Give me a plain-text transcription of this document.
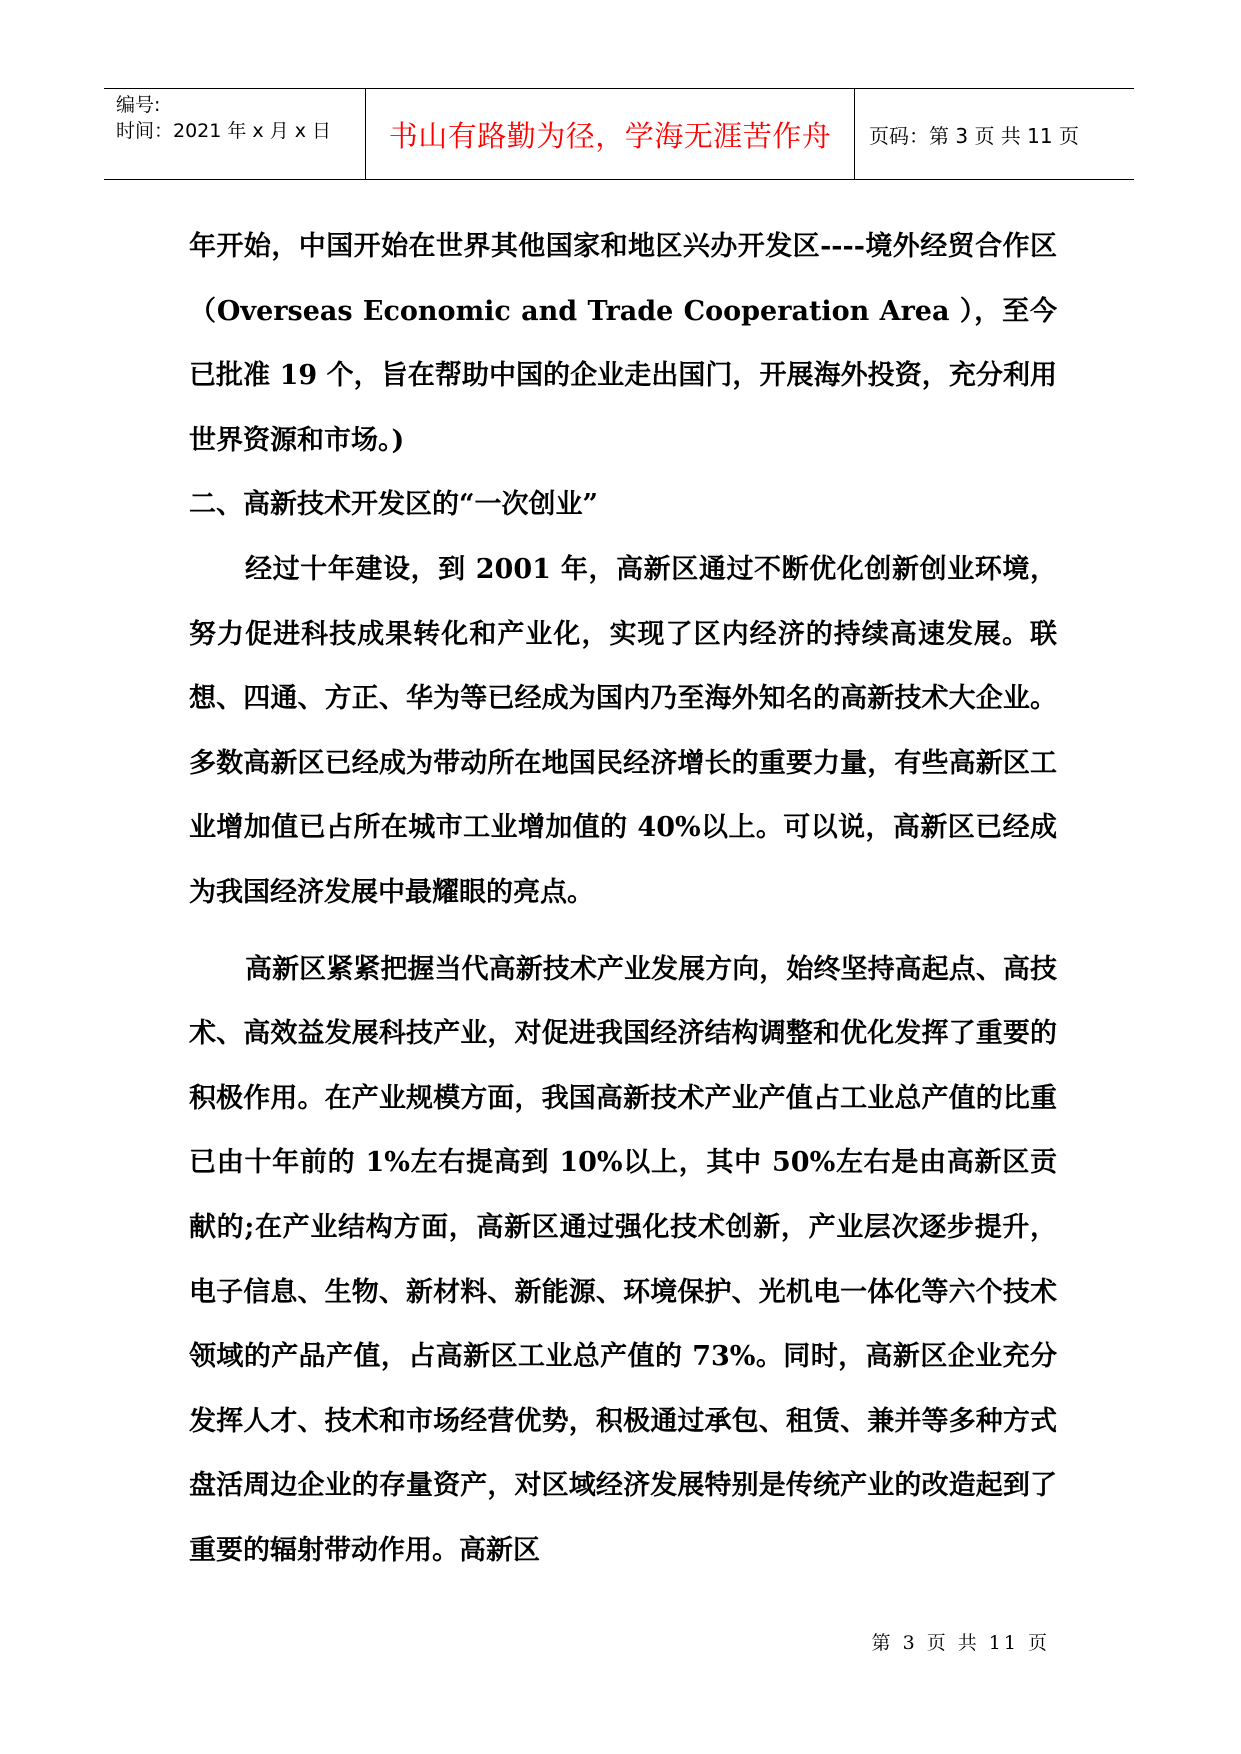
编号:
时间：2021 年 x 月 x 日	书山有路勤为径，学海无涯苦作舟	页码：第 3 页 共 11 页

年开始，中国开始在世界其他国家和地区兴办开发区----境外经贸合作区（Overseas Economic and Trade Cooperation Area ），至今已批准 19 个，旨在帮助中国的企业走出国门，开展海外投资，充分利用世界资源和市场。)

二、高新技术开发区的“一次创业”

经过十年建设，到 2001 年，高新区通过不断优化创新创业环境，努力促进科技成果转化和产业化，实现了区内经济的持续高速发展。联想、四通、方正、华为等已经成为国内乃至海外知名的高新技术大企业。多数高新区已经成为带动所在地国民经济增长的重要力量，有些高新区工业增加值已占所在城市工业增加值的 40%以上。可以说，高新区已经成为我国经济发展中最耀眼的亮点。

高新区紧紧把握当代高新技术产业发展方向，始终坚持高起点、高技术、高效益发展科技产业，对促进我国经济结构调整和优化发挥了重要的积极作用。在产业规模方面，我国高新技术产业产值占工业总产值的比重已由十年前的 1%左右提高到 10%以上，其中 50%左右是由高新区贡献的;在产业结构方面，高新区通过强化技术创新，产业层次逐步提升，电子信息、生物、新材料、新能源、环境保护、光机电一体化等六个技术领域的产品产值，占高新区工业总产值的 73%。同时，高新区企业充分发挥人才、技术和市场经营优势，积极通过承包、租赁、兼并等多种方式盘活周边企业的存量资产，对区域经济发展特别是传统产业的改造起到了重要的辐射带动作用。高新区

第 3 页 共 11 页
